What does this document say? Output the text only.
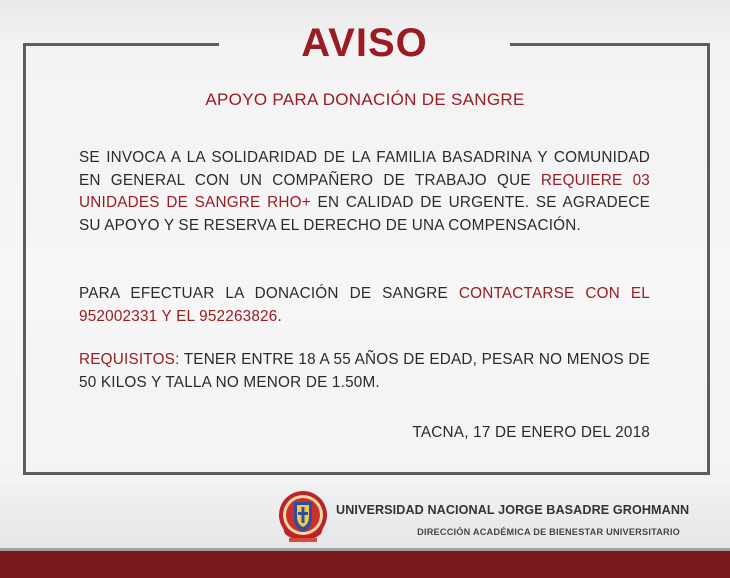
AVISO
APOYO PARA DONACIÓN DE SANGRE
SE INVOCA A LA SOLIDARIDAD DE LA FAMILIA BASADRINA Y COMUNIDAD EN GENERAL CON UN COMPAÑERO DE TRABAJO QUE REQUIERE 03 UNIDADES DE SANGRE RHO+ EN CALIDAD DE URGENTE. SE AGRADECE SU APOYO Y SE RESERVA EL DERECHO DE UNA COMPENSACIÓN.
PARA EFECTUAR LA DONACIÓN DE SANGRE CONTACTARSE CON EL 952002331 Y EL 952263826.
REQUISITOS: TENER ENTRE 18 A 55 AÑOS DE EDAD, PESAR NO MENOS DE 50 KILOS Y TALLA NO MENOR DE 1.50M.
TACNA, 17 DE ENERO DEL 2018
UNIVERSIDAD NACIONAL JORGE BASADRE GROHMANN
DIRECCIÓN ACADÉMICA DE BIENESTAR UNIVERSITARIO
